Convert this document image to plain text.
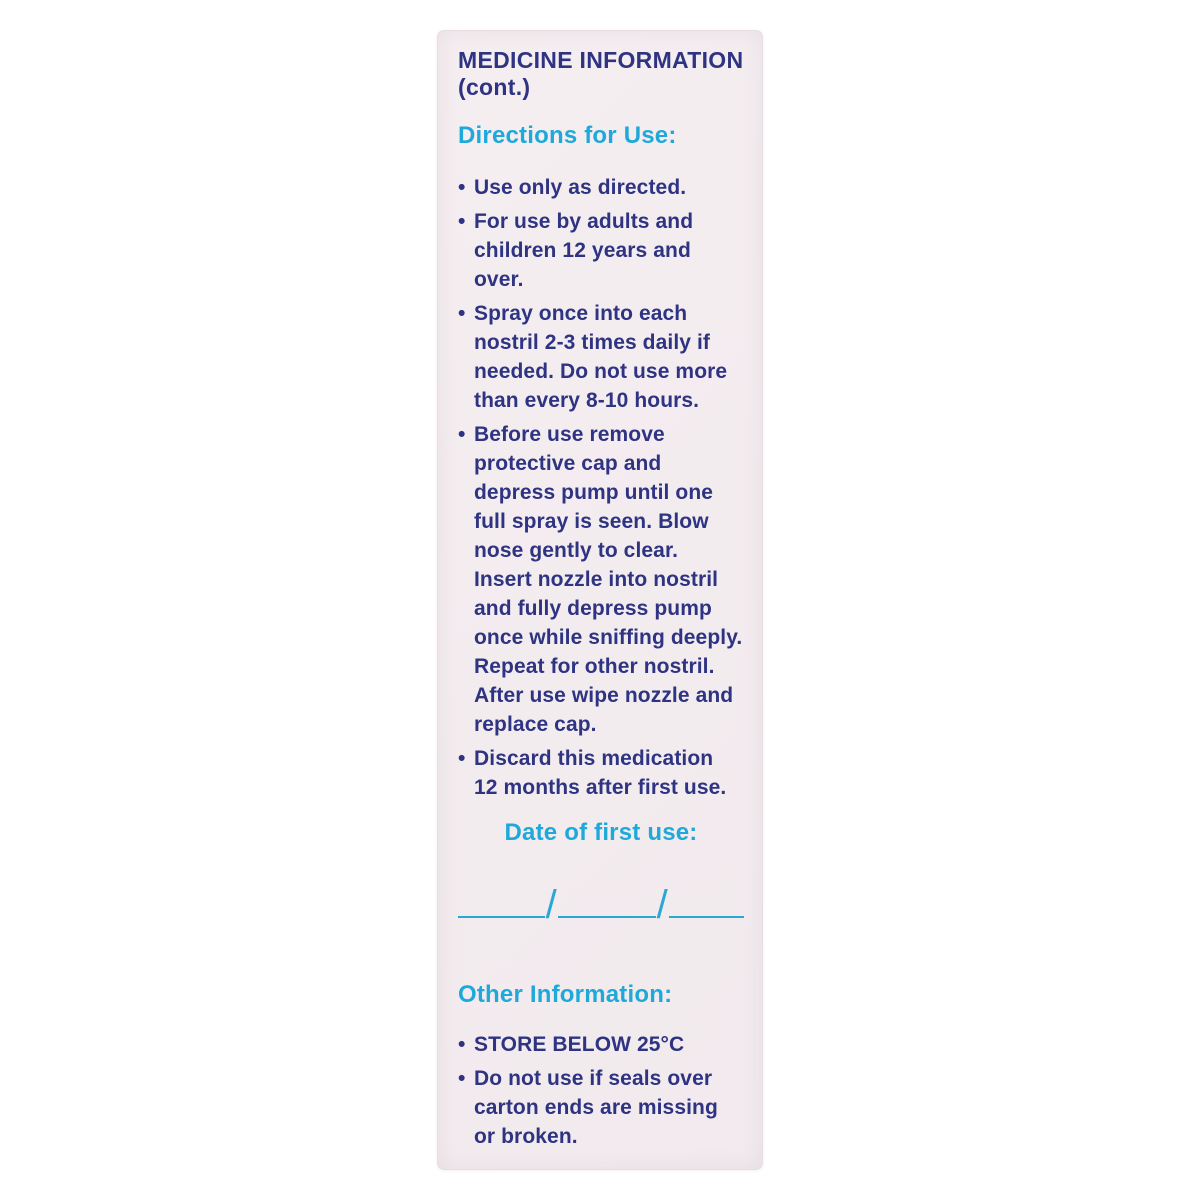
MEDICINE INFORMATION
(cont.)
Directions for Use:
• Use only as directed.
• For use by adults and
children 12 years and over.
• Spray once into each
nostril 2-3 times daily if
needed. Do not use more
than every 8-10 hours.
• Before use remove
protective cap and
depress pump until one
full spray is seen. Blow
nose gently to clear.
Insert nozzle into nostril
and fully depress pump
once while sniffing deeply.
Repeat for other nostril.
After use wipe nozzle and
replace cap.
• Discard this medication
12 months after first use.
Date of first use:
/ /
Other Information:
• STORE BELOW 25°C
• Do not use if seals over
carton ends are missing
or broken.
